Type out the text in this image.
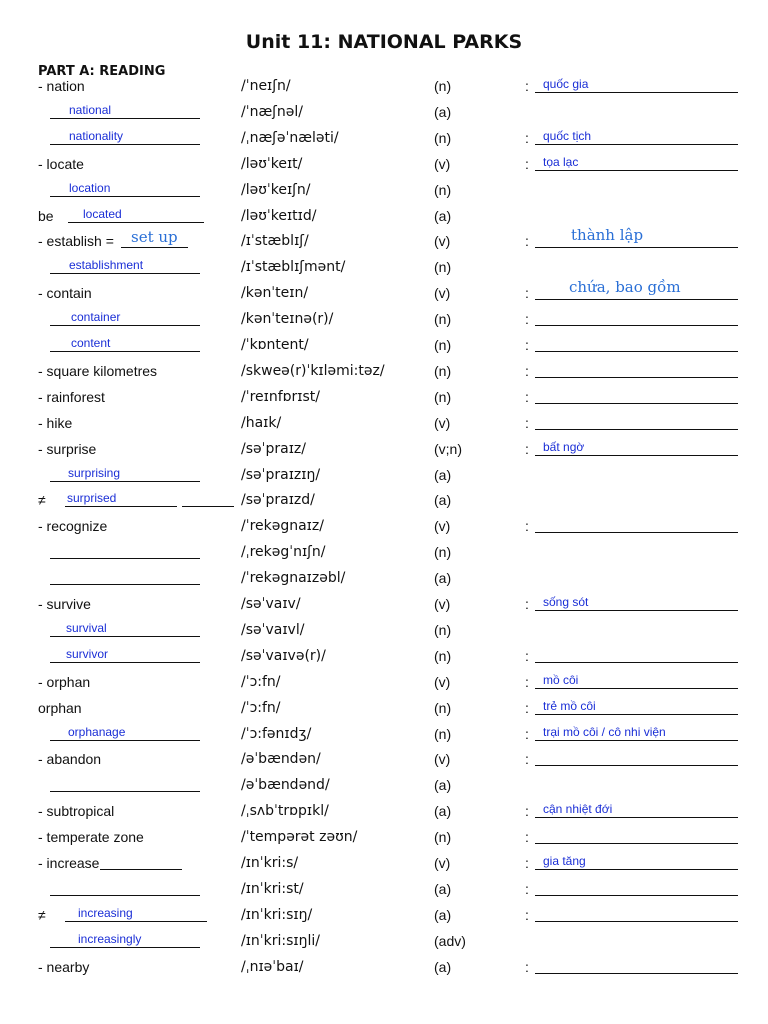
Unit 11: NATIONAL PARKS
PART A: READING
- nation	/ˈneɪʃn/	(n)	: quốc gia
national	/ˈnæʃnəl/	(a)
nationality	/ˌnæʃəˈnæləti/	(n)	: quốc tịch
- locate	/ləʊˈkeɪt/	(v)	: tọa lạc
location	/ləʊˈkeɪʃn/	(n)
be located	/ləʊˈkeɪtɪd/	(a)
- establish = set up	/ɪˈstæblɪʃ/	(v)	:	thành lập
establishment	/ɪˈstæblɪʃmənt/	(n)
- contain	/kənˈteɪn/	(v)	:	chứa, bao gồm
container	/kənˈteɪnə(r)/	(n)	:
content	/ˈkɒntent/	(n)	:
- square kilometres	/skweə(r)ˈkɪləmi:təz/	(n)	:
- rainforest	/ˈreɪnfɒrɪst/	(n)	:
- hike	/haɪk/	(v)	:
- surprise	/səˈpraɪz/	(v;n)	: bất ngờ
surprising	/səˈpraɪzɪŋ/	(a)
≠ surprised	/səˈpraɪzd/	(a)
- recognize	/ˈrekəgnaɪz/	(v)	:
/ˌrekəgˈnɪʃn/	(n)
/ˈrekəgnaɪzəbl/	(a)
- survive	/səˈvaɪv/	(v)	: sống sót
survival	/səˈvaɪvl/	(n)
survivor	/səˈvaɪvə(r)/	(n)	:
- orphan	/ˈɔ:fn/	(v)	: mồ côi
orphan	/ˈɔ:fn/	(n)	: trẻ mồ côi
orphanage	/ˈɔ:fənɪdʒ/	(n)	: trại mồ côi / cô nhi viện
- abandon	/əˈbændən/	(v)	:
/əˈbændənd/	(a)
- subtropical	/ˌsʌbˈtrɒpɪkl/	(a)	: cận nhiệt đới
- temperate zone	/ˈtempərət zəʊn/	(n)	:
- increase	/ɪnˈkri:s/	(v)	: gia tăng
/ɪnˈkri:st/	(a)	:
≠	increasing	/ɪnˈkri:sɪŋ/	(a)	:
increasingly	/ɪnˈkri:sɪŋli/	(adv)
- nearby	/ˌnɪəˈbaɪ/	(a)	:
